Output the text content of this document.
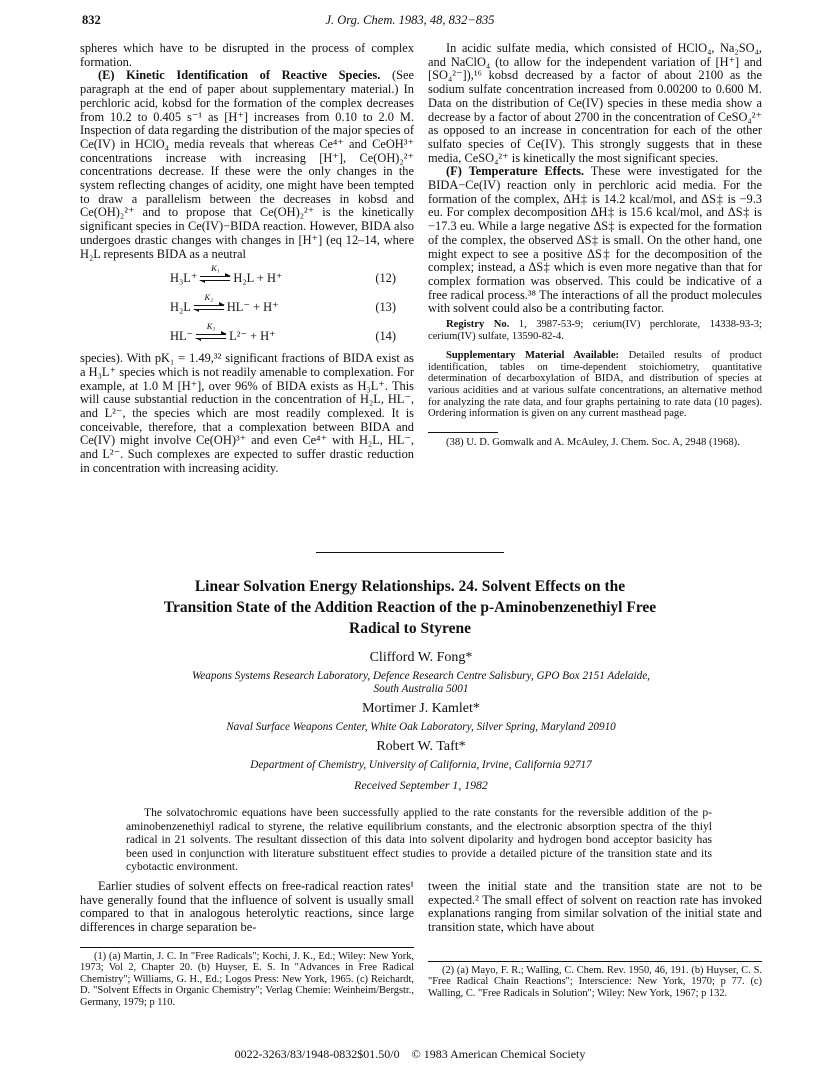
832	J. Org. Chem. 1983, 48, 832−835

spheres which have to be disrupted in the process of complex formation.

(E) Kinetic Identification of Reactive Species. (See paragraph at the end of paper about supplementary material.) In perchloric acid, kobsd for the formation of the complex decreases from 10.2 to 0.405 s⁻¹ as [H⁺] increases from 0.10 to 2.0 M. Inspection of data regarding the distribution of the major species of Ce(IV) in HClO₄ media reveals that whereas Ce⁴⁺ and CeOH³⁺ concentrations increase with increasing [H⁺], Ce(OH)₂²⁺ concentrations decrease. If these were the only changes in the system reflecting changes of acidity, one might have been tempted to draw a parallelism between the decreases in kobsd and Ce(OH)₂²⁺ and to propose that Ce(OH)₂²⁺ is the kinetically significant species in Ce(IV)−BIDA reaction. However, BIDA also undergoes drastic changes with changes in [H⁺] (eq 12–14, where H₂L represents BIDA as a neutral

H₃L⁺
K₁
H₂L + H⁺	(12)
H₂L
K₂
HL⁻ + H⁺	(13)
HL⁻
K₃
L²⁻ + H⁺	(14)

species). With pK₁ = 1.49,³² significant fractions of BIDA exist as a H₃L⁺ species which is not readily amenable to complexation. For example, at 1.0 M [H⁺], over 96% of BIDA exists as H₃L⁺. This will cause substantial reduction in the concentration of H₂L, HL⁻, and L²⁻, the species which are most readily complexed. It is conceivable, therefore, that a complexation between BIDA and Ce(IV) might involve Ce(OH)³⁺ and even Ce⁴⁺ with H₂L, HL⁻, and L²⁻. Such complexes are expected to suffer drastic reduction in concentration with increasing acidity.

In acidic sulfate media, which consisted of HClO₄, Na₂SO₄, and NaClO₄ (to allow for the independent variation of [H⁺] and [SO₄²⁻]),¹⁶ kobsd decreased by a factor of about 2100 as the sodium sulfate concentration increased from 0.00200 to 0.600 M. Data on the distribution of Ce(IV) species in these media show a decrease by a factor of about 2700 in the concentration of CeSO₄²⁺ as opposed to an increase in concentration for each of the other sulfato species of Ce(IV). This strongly suggests that in these media, CeSO₄²⁺ is kinetically the most significant species.

(F) Temperature Effects. These were investigated for the BIDA−Ce(IV) reaction only in perchloric acid media. For the formation of the complex, ΔH‡ is 14.2 kcal/mol, and ΔS‡ is −9.3 eu. For complex decomposition ΔH‡ is 15.6 kcal/mol, and ΔS‡ is −17.3 eu. While a large negative ΔS‡ is expected for the formation of the complex, the observed ΔS‡ is small. On the other hand, one might expect to see a positive ΔS‡ for the decomposition of the complex; instead, a ΔS‡ which is even more negative than that for complex formation was observed. This could be indicative of a free radical process.³⁸ The interactions of all the product molecules with solvent could also be a contributing factor.

Registry No. 1, 3987-53-9; cerium(IV) perchlorate, 14338-93-3; cerium(IV) sulfate, 13590-82-4.

Supplementary Material Available: Detailed results of product identification, tables on time-dependent stoichiometry, quantitative determination of decarboxylation of BIDA, and distribution of species at various acidities and at various sulfate concentrations, an alternative method for analyzing the rate data, and four graphs pertaining to rate data (10 pages). Ordering information is given on any current masthead page.

(38) U. D. Gomwalk and A. McAuley, J. Chem. Soc. A, 2948 (1968).

Linear Solvation Energy Relationships. 24. Solvent Effects on the
Transition State of the Addition Reaction of the p-Aminobenzenethiyl Free
Radical to Styrene
Clifford W. Fong*
Weapons Systems Research Laboratory, Defence Research Centre Salisbury, GPO Box 2151 Adelaide,
South Australia 5001
Mortimer J. Kamlet*
Naval Surface Weapons Center, White Oak Laboratory, Silver Spring, Maryland 20910
Robert W. Taft*
Department of Chemistry, University of California, Irvine, California 92717
Received September 1, 1982
The solvatochromic equations have been successfully applied to the rate constants for the reversible addition of the p-aminobenzenethiyl radical to styrene, the relative equilibrium constants, and the electronic absorption spectra of the thiyl radical in 21 solvents. The resultant dissection of this data into solvent dipolarity and hydrogen bond acceptor basicity has been used in conjunction with literature substituent effect studies to provide a detailed picture of the transition state and its cybotactic environment.
Earlier studies of solvent effects on free-radical reaction rates¹ have generally found that the influence of solvent is usually small compared to that in analogous heterolytic reactions, since large differences in charge separation be-
tween the initial state and the transition state are not to be expected.² The small effect of solvent on reaction rate has invoked explanations ranging from similar solvation of the initial state and transition state, which have about
(1) (a) Martin, J. C. In "Free Radicals"; Kochi, J. K., Ed.; Wiley: New York, 1973; Vol 2, Chapter 20. (b) Huyser, E. S. In "Advances in Free Radical Chemistry"; Williams, G. H., Ed.; Logos Press: New York, 1965. (c) Reichardt, D. "Solvent Effects in Organic Chemistry"; Verlag Chemie: Weinheim/Bergstr., Germany, 1979; p 110.
(2) (a) Mayo, F. R.; Walling, C. Chem. Rev. 1950, 46, 191. (b) Huyser, C. S. "Free Radical Chain Reactions"; Interscience: New York, 1970; p 77. (c) Walling, C. "Free Radicals in Solution"; Wiley: New York, 1967; p 132.
0022-3263/83/1948-0832$01.50/0 © 1983 American Chemical Society
